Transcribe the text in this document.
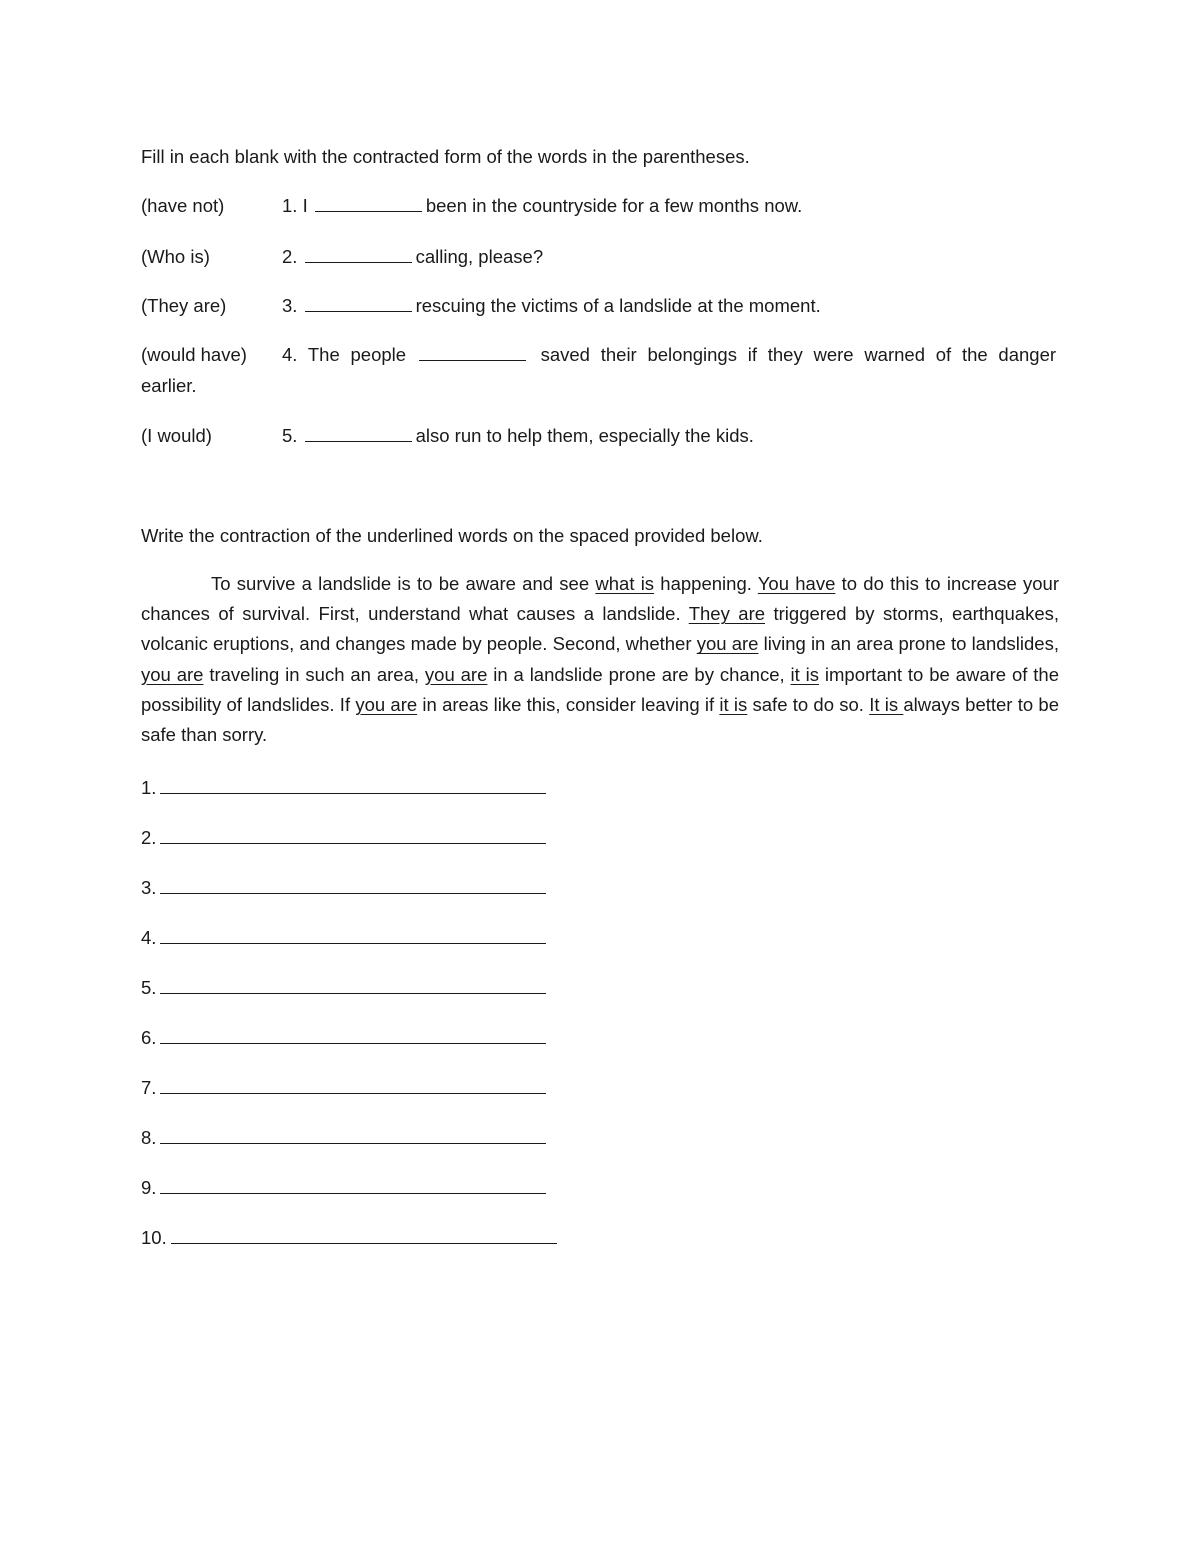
Fill in each blank with the contracted form of the words in the parentheses.
(have not)	1. I	been in the countryside for a few months now.
(Who is)	2.	calling, please?
(They are)	3.	rescuing the victims of a landslide at the moment.
(would have) 4. The people	saved their belongings if they were warned of the danger
earlier.
(I would)	5.	also run to help them, especially the kids.
Write the contraction of the underlined words on the spaced provided below.
To survive a landslide is to be aware and see what is happening. You have to do this to increase your chances of survival. First, understand what causes a landslide. They are triggered by storms, earthquakes, volcanic eruptions, and changes made by people. Second, whether you are living in an area prone to landslides, you are traveling in such an area, you are in a landslide prone are by chance, it is important to be aware of the possibility of landslides. If you are in areas like this, consider leaving if it is safe to do so. It is always better to be safe than sorry.
1.
2.
3.
4.
5.
6.
7.
8.
9.
10.
